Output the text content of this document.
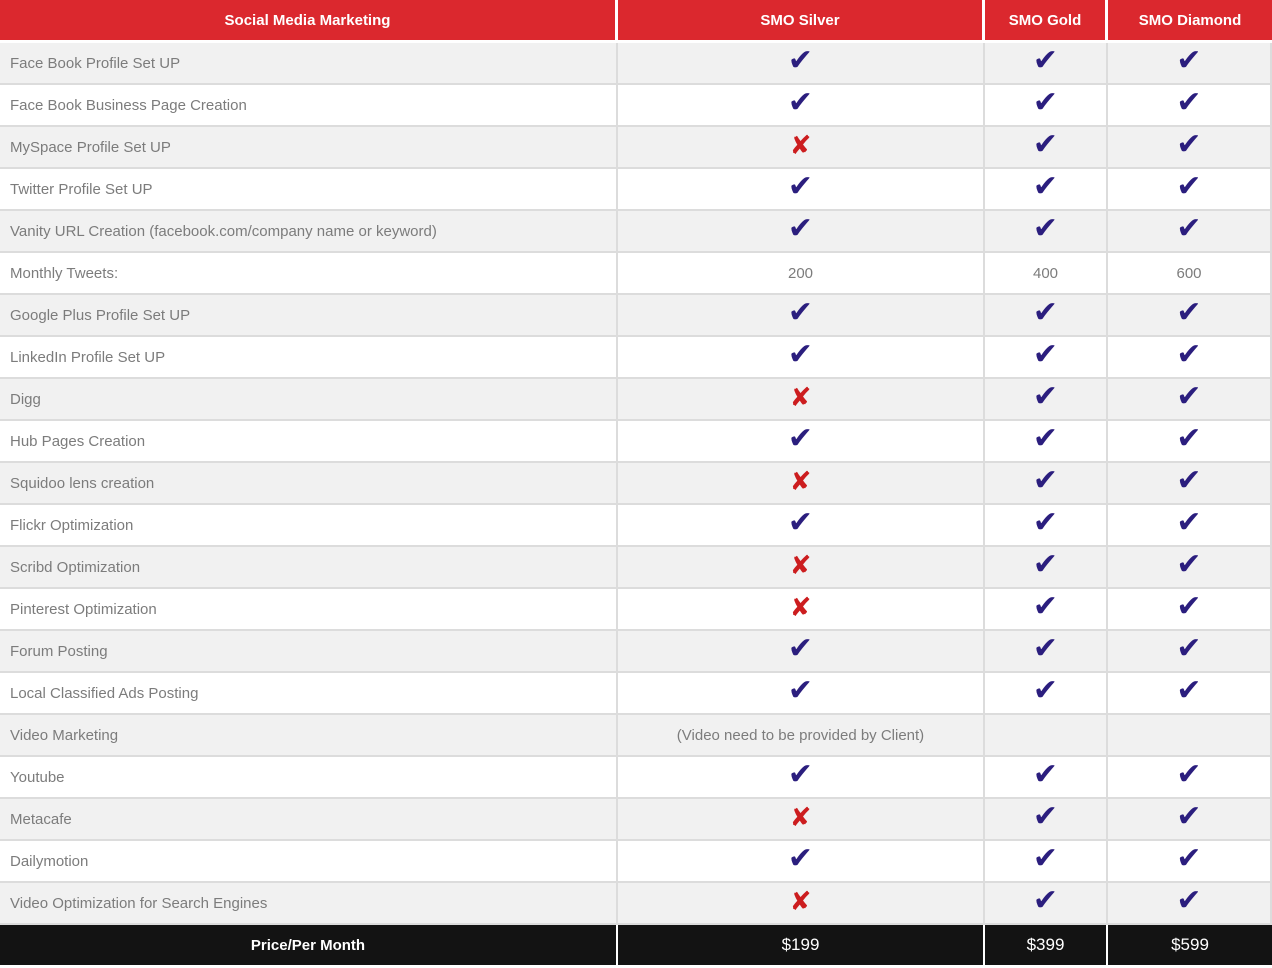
Social Media Marketing	SMO Silver	SMO Gold	SMO Diamond
Face Book Profile Set UP	✔	✔	✔
Face Book Business Page Creation	✔	✔	✔
MySpace Profile Set UP	✘	✔	✔
Twitter Profile Set UP	✔	✔	✔
Vanity URL Creation (facebook.com/company name or keyword)	✔	✔	✔
Monthly Tweets:	200	400	600
Google Plus Profile Set UP	✔	✔	✔
LinkedIn Profile Set UP	✔	✔	✔
Digg	✘	✔	✔
Hub Pages Creation	✔	✔	✔
Squidoo lens creation	✘	✔	✔
Flickr Optimization	✔	✔	✔
Scribd Optimization	✘	✔	✔
Pinterest Optimization	✘	✔	✔
Forum Posting	✔	✔	✔
Local Classified Ads Posting	✔	✔	✔
Video Marketing	(Video need to be provided by Client)
Youtube	✔	✔	✔
Metacafe	✘	✔	✔
Dailymotion	✔	✔	✔
Video Optimization for Search Engines	✘	✔	✔
Price/Per Month	$199	$399	$599
